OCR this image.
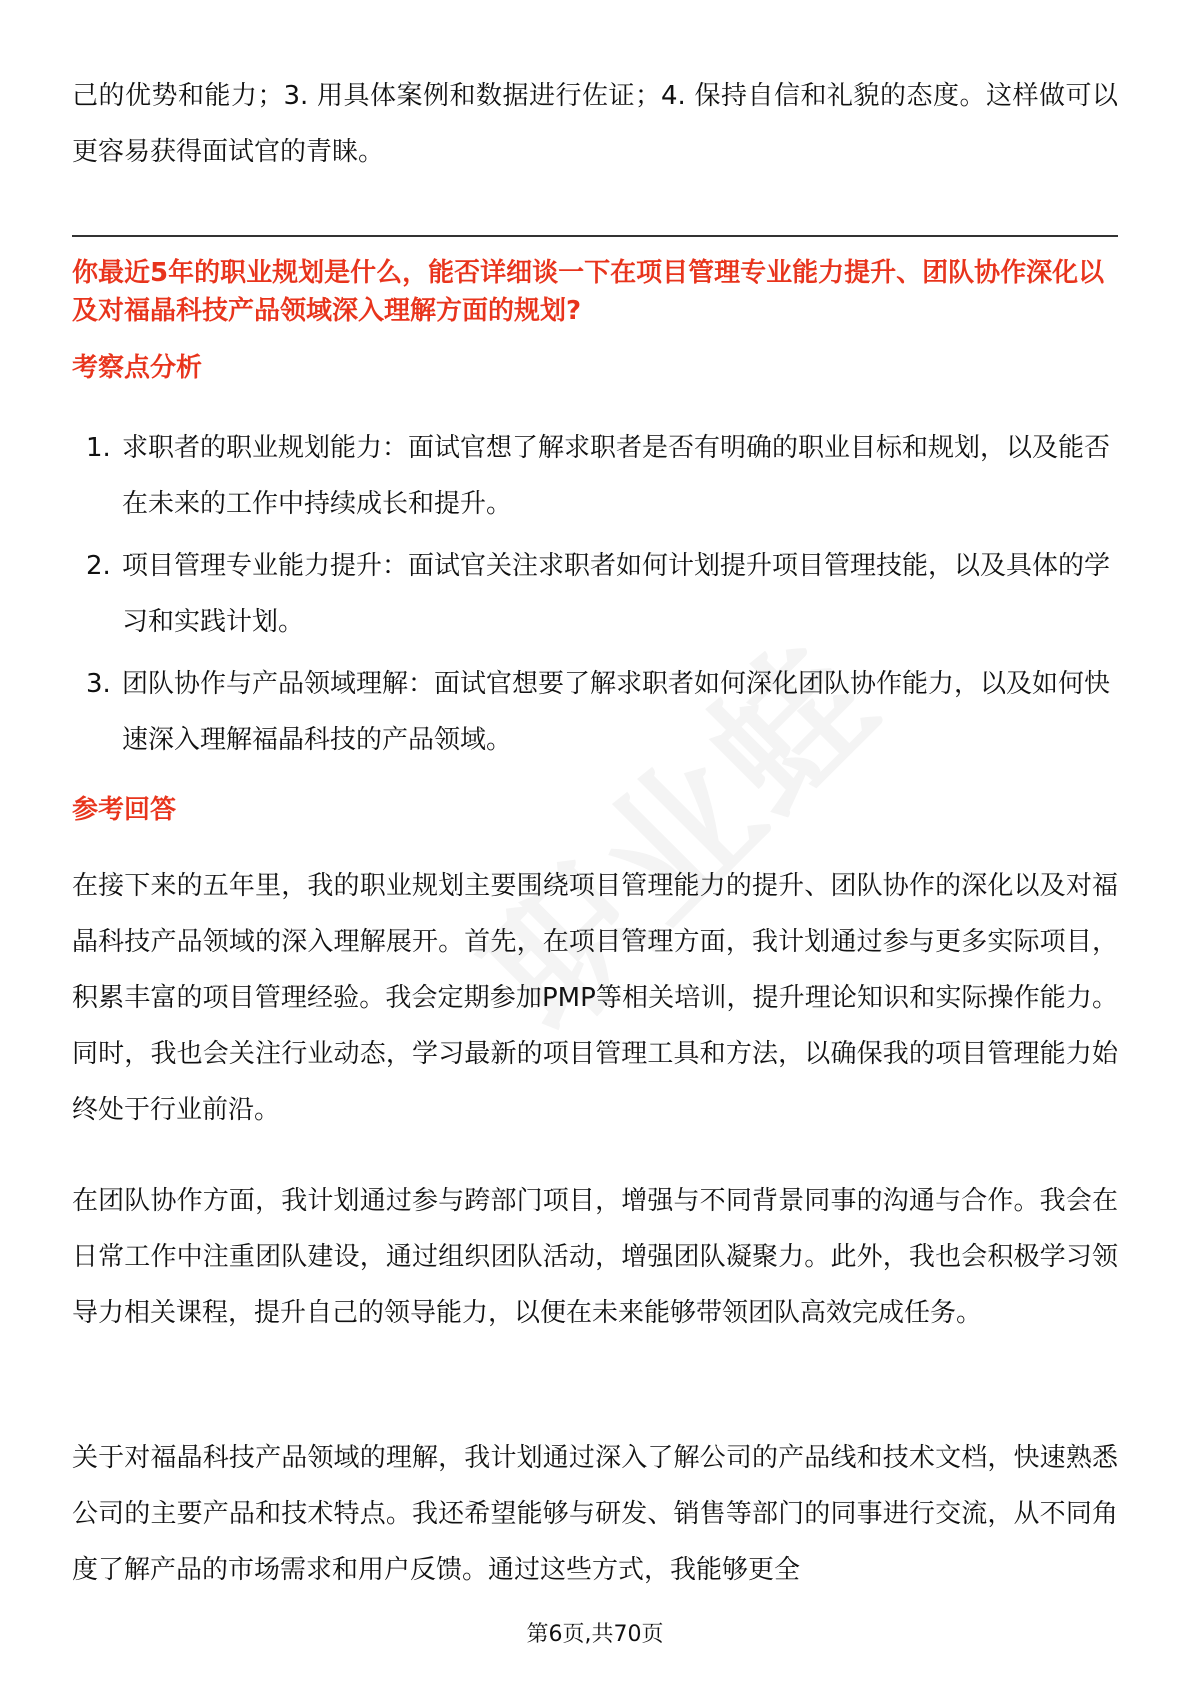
己的优势和能力；3. 用具体案例和数据进行佐证；4. 保持自信和礼貌的态度。这样做可以更容易获得面试官的青睐。

你最近5年的职业规划是什么，能否详细谈一下在项目管理专业能力提升、团队协作深化以及对福晶科技产品领域深入理解方面的规划?

考察点分析

1. 求职者的职业规划能力：面试官想了解求职者是否有明确的职业目标和规划，以及能否在未来的工作中持续成长和提升。
2. 项目管理专业能力提升：面试官关注求职者如何计划提升项目管理技能，以及具体的学习和实践计划。
3. 团队协作与产品领域理解：面试官想要了解求职者如何深化团队协作能力，以及如何快速深入理解福晶科技的产品领域。

参考回答

在接下来的五年里，我的职业规划主要围绕项目管理能力的提升、团队协作的深化以及对福晶科技产品领域的深入理解展开。首先，在项目管理方面，我计划通过参与更多实际项目，积累丰富的项目管理经验。我会定期参加PMP等相关培训，提升理论知识和实际操作能力。同时，我也会关注行业动态，学习最新的项目管理工具和方法，以确保我的项目管理能力始终处于行业前沿。

在团队协作方面，我计划通过参与跨部门项目，增强与不同背景同事的沟通与合作。我会在日常工作中注重团队建设，通过组织团队活动，增强团队凝聚力。此外，我也会积极学习领导力相关课程，提升自己的领导能力，以便在未来能够带领团队高效完成任务。

关于对福晶科技产品领域的理解，我计划通过深入了解公司的产品线和技术文档，快速熟悉公司的主要产品和技术特点。我还希望能够与研发、销售等部门的同事进行交流，从不同角度了解产品的市场需求和用户反馈。通过这些方式，我能够更全

第6页,共70页
